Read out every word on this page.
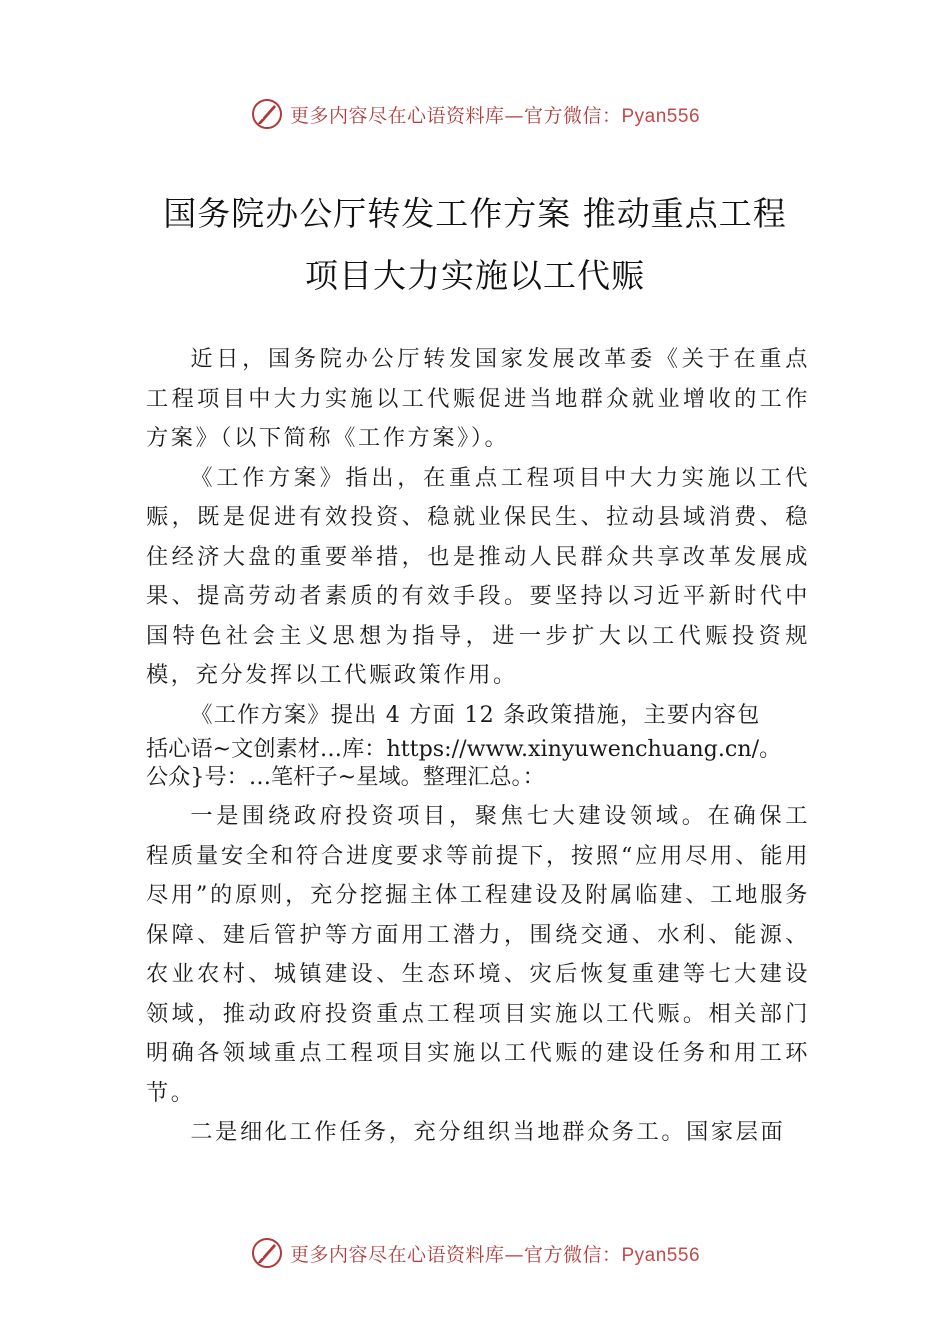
更多内容尽在心语资料库—官方微信：Pyan556
国务院办公厅转发工作方案 推动重点工程
项目大力实施以工代赈

近日，国务院办公厅转发国家发展改革委《关于在重点工程项目中大力实施以工代赈促进当地群众就业增收的工作方案》（以下简称《工作方案》）。

《工作方案》指出，在重点工程项目中大力实施以工代赈，既是促进有效投资、稳就业保民生、拉动县域消费、稳住经济大盘的重要举措，也是推动人民群众共享改革发展成果、提高劳动者素质的有效手段。要坚持以习近平新时代中国特色社会主义思想为指导，进一步扩大以工代赈投资规模，充分发挥以工代赈政策作用。

《工作方案》提出 4 方面 12 条政策措施，主要内容包

括心语~文创素材…库：https://www.xinyuwenchuang.cn/。
公众}号：…笔杆子~星域。整理汇总。：

一是围绕政府投资项目，聚焦七大建设领域。在确保工程质量安全和符合进度要求等前提下，按照“应用尽用、能用尽用”的原则，充分挖掘主体工程建设及附属临建、工地服务保障、建后管护等方面用工潜力，围绕交通、水利、能源、农业农村、城镇建设、生态环境、灾后恢复重建等七大建设领域，推动政府投资重点工程项目实施以工代赈。相关部门明确各领域重点工程项目实施以工代赈的建设任务和用工环节。

二是细化工作任务，充分组织当地群众务工。国家层面

更多内容尽在心语资料库—官方微信：Pyan556
